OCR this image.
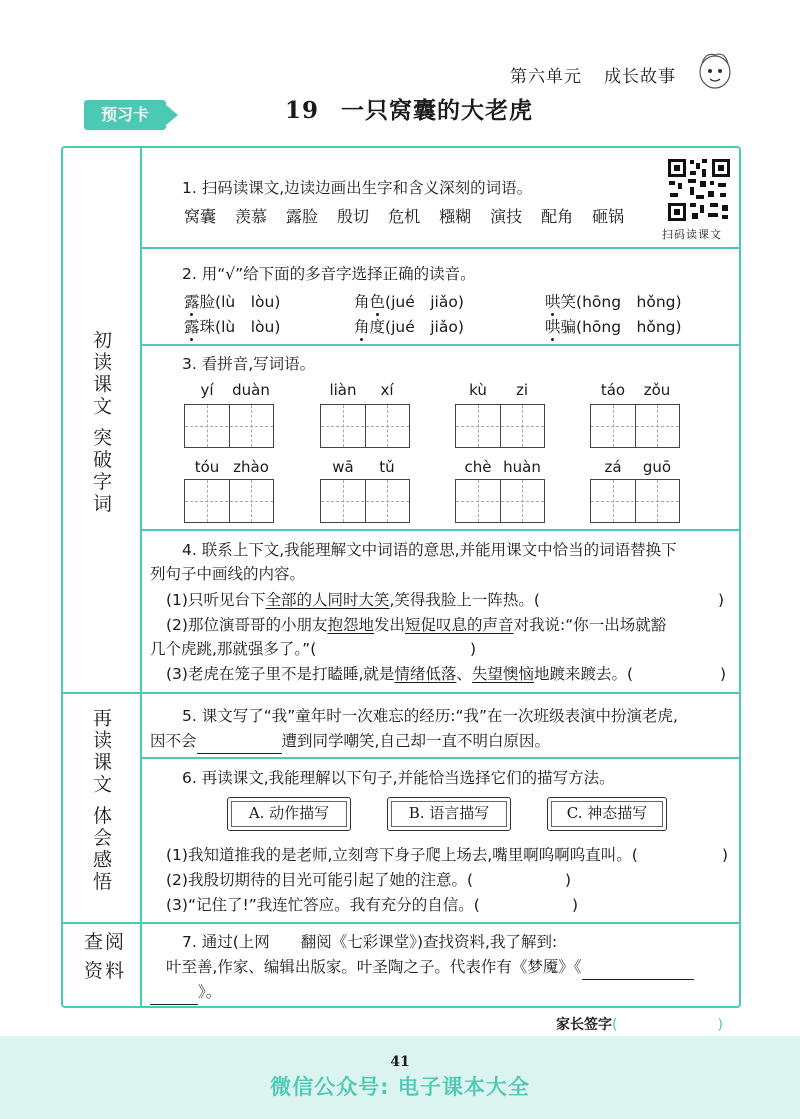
第六单元 成长故事
预习卡	19 一只窝囊的大老虎
初读课文 突破字词
再读课文 体会感悟
查阅资料
1. 扫码读课文,边读边画出生字和含义深刻的词语。
窝囊 羡慕 露脸 殷切 危机 糨糊 演技 配角 砸锅
扫码读课文
2. 用“√”给下面的多音字选择正确的读音。
露脸(lù　lòu)	角色(jué　jiǎo)	哄笑(hōng　hǒng)
露珠(lù　lòu)	角度(jué　jiǎo)	哄骗(hōng　hǒng)
3. 看拼音,写词语。
yí duàn	liàn xí	kù zi	táo zǒu
tóu zhào	wā tǔ	chè huàn	zá guō
4. 联系上下文,我能理解文中词语的意思,并能用课文中恰当的词语替换下
列句子中画线的内容。
(1)只听见台下全部的人同时大笑,笑得我脸上一阵热。(	)
(2)那位演哥哥的小朋友抱怨地发出短促叹息的声音对我说:“你一出场就豁
几个虎跳,那就强多了。”(	)
(3)老虎在笼子里不是打瞌睡,就是情绪低落、失望懊恼地踱来踱去。(	)
5. 课文写了“我”童年时一次难忘的经历:“我”在一次班级表演中扮演老虎,
因不会	遭到同学嘲笑,自己却一直不明白原因。
6. 再读课文,我能理解以下句子,并能恰当选择它们的描写方法。
A. 动作描写	B. 语言描写	C. 神态描写
(1)我知道推我的是老师,立刻弯下身子爬上场去,嘴里啊呜啊呜直叫。(	)
(2)我殷切期待的目光可能引起了她的注意。(	)
(3)“记住了!”我连忙答应。我有充分的自信。(	)
7. 通过(上网　　翻阅《七彩课堂》)查找资料,我了解到:
叶至善,作家、编辑出版家。叶圣陶之子。代表作有《梦魇》《
》。
家长签字(	)
41
微信公众号: 电子课本大全
